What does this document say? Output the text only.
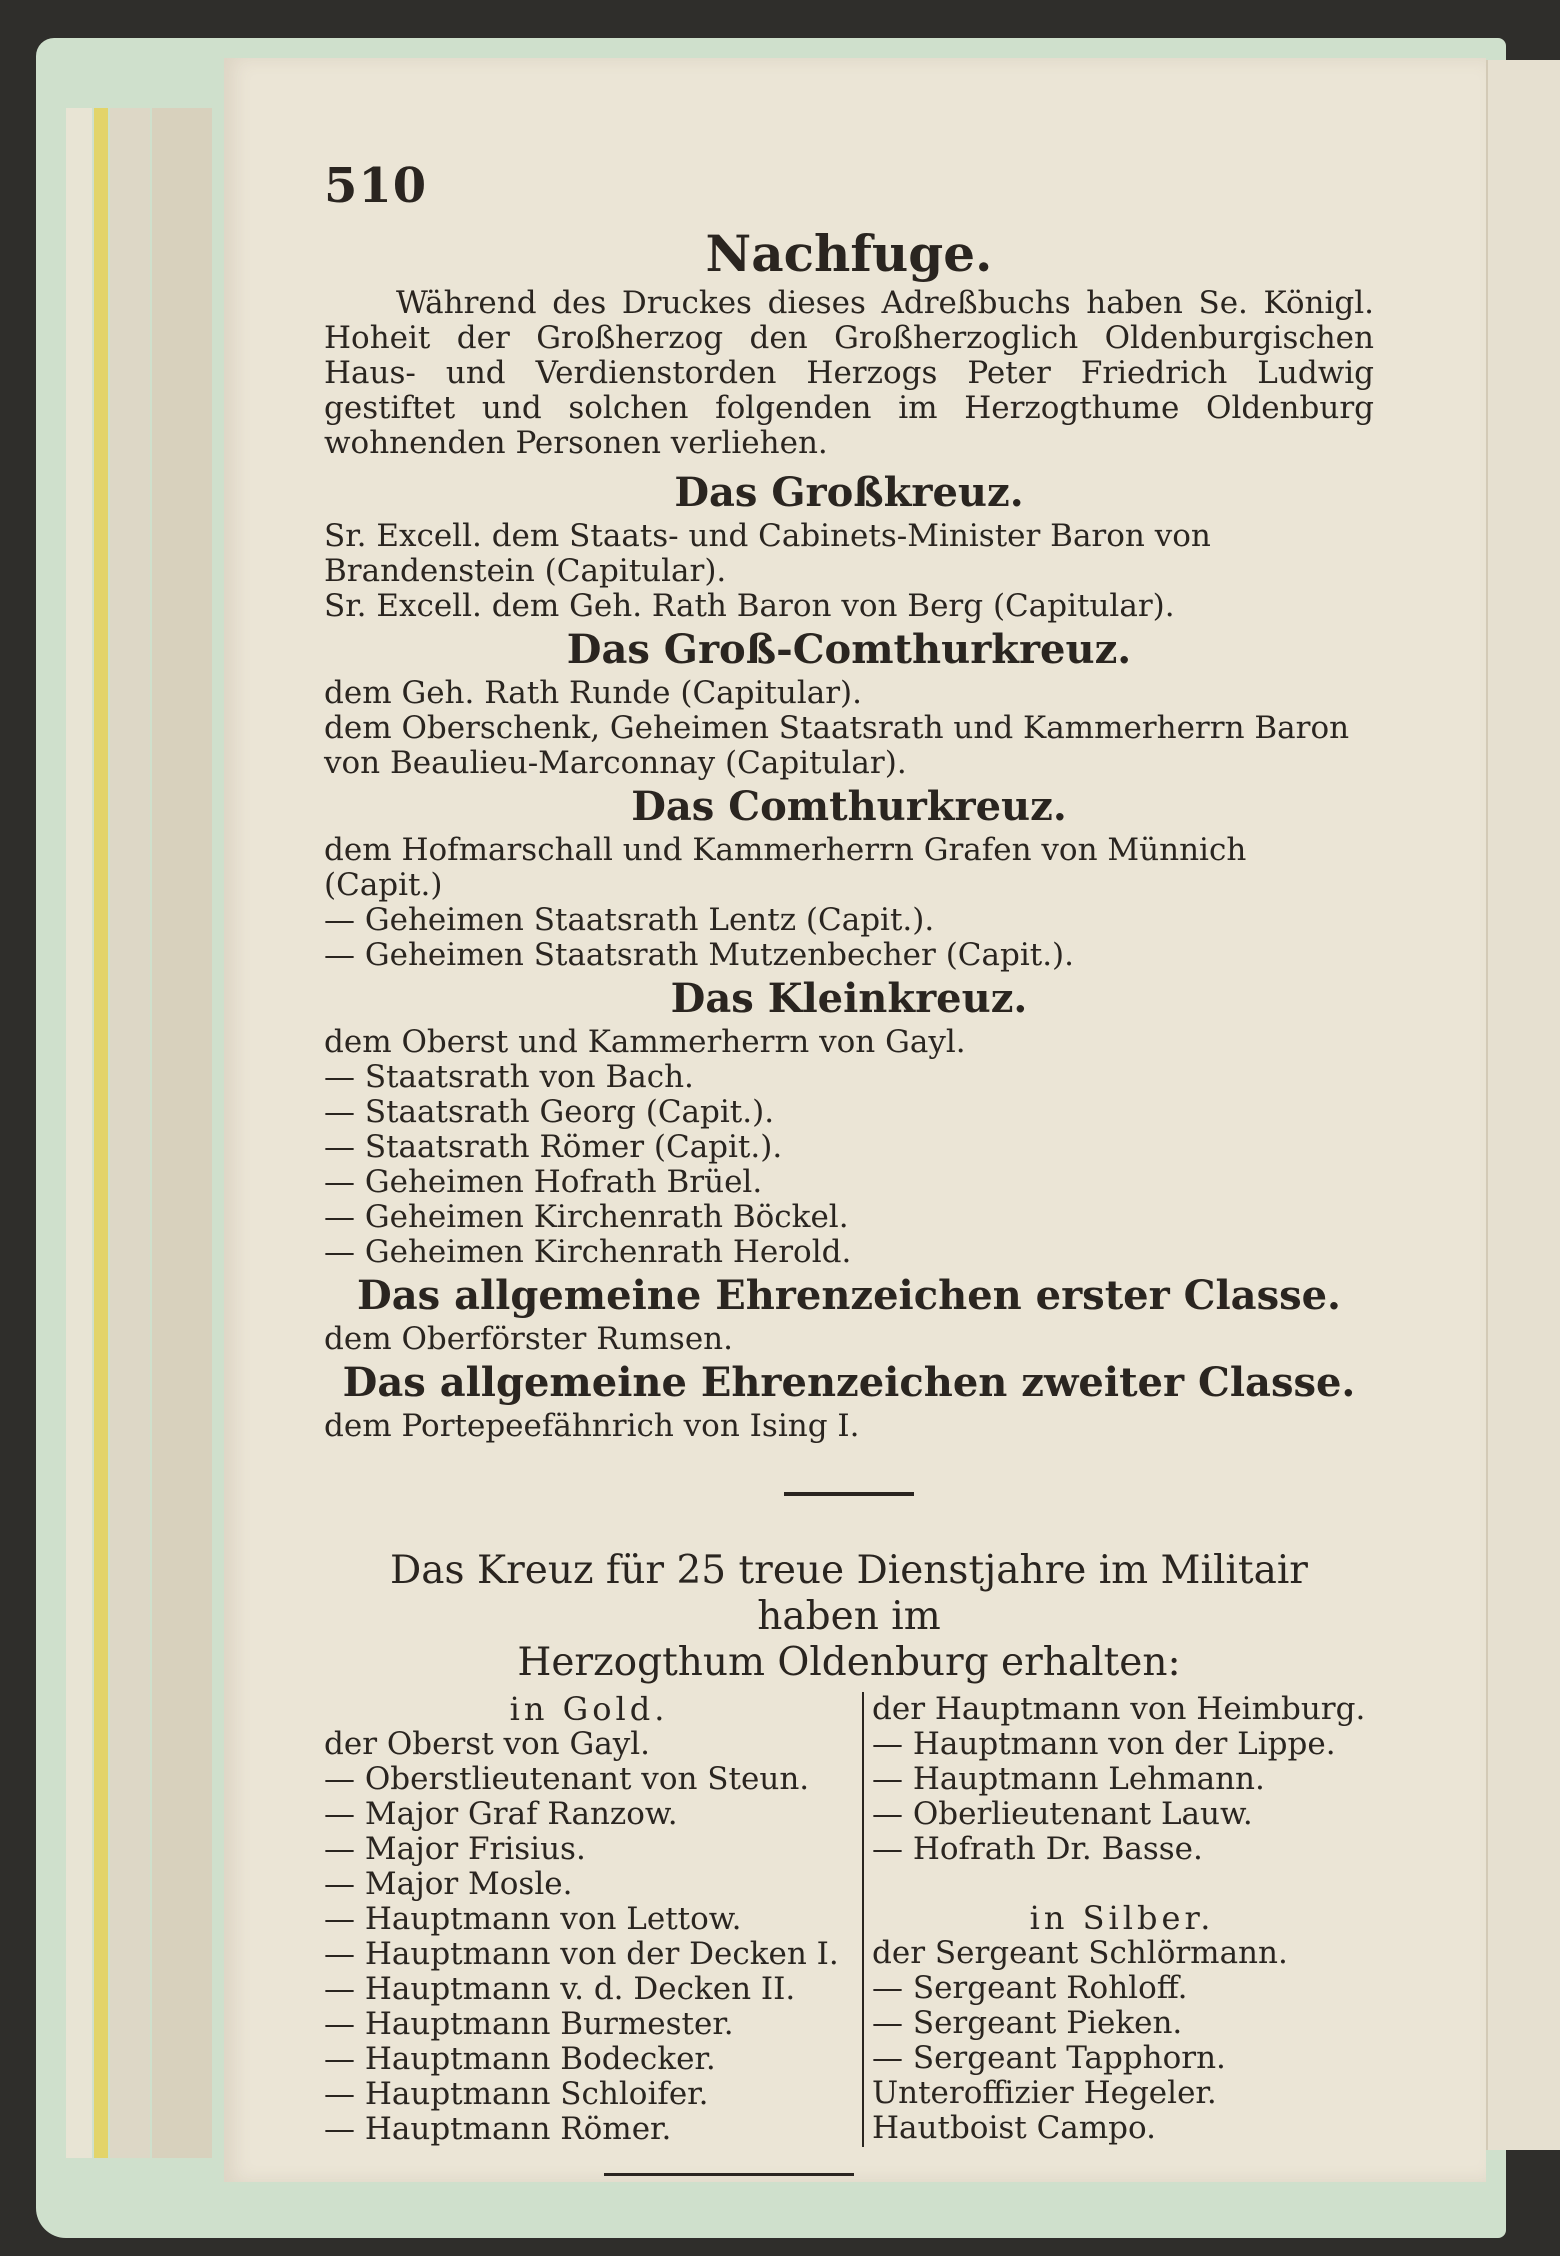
510
Nachfuge.
Während des Druckes dieses Adreßbuchs haben Se. Königl. Hoheit der Großherzog den Großherzoglich Oldenburgischen Haus- und Verdienstorden Herzogs Peter Friedrich Ludwig gestiftet und solchen folgenden im Herzogthume Oldenburg wohnenden Personen verliehen.
Das Großkreuz.
Sr. Excell. dem Staats- und Cabinets-Minister Baron von Brandenstein (Capitular).
Sr. Excell. dem Geh. Rath Baron von Berg (Capitular).
Das Groß-Comthurkreuz.
dem Geh. Rath Runde (Capitular).
dem Oberschenk, Geheimen Staatsrath und Kammerherrn Baron von Beaulieu-Marconnay (Capitular).
Das Comthurkreuz.
dem Hofmarschall und Kammerherrn Grafen von Münnich (Capit.)
— Geheimen Staatsrath Lentz (Capit.).
— Geheimen Staatsrath Mutzenbecher (Capit.).
Das Kleinkreuz.
dem Oberst und Kammerherrn von Gayl.
— Staatsrath von Bach.
— Staatsrath Georg (Capit.).
— Staatsrath Römer (Capit.).
— Geheimen Hofrath Brüel.
— Geheimen Kirchenrath Böckel.
— Geheimen Kirchenrath Herold.
Das allgemeine Ehrenzeichen erster Classe.
dem Oberförster Rumsen.
Das allgemeine Ehrenzeichen zweiter Classe.
dem Portepeefähnrich von Ising I.
Das Kreuz für 25 treue Dienstjahre im Militair haben im
Herzogthum Oldenburg erhalten:
in Gold.
der Oberst von Gayl.
— Oberstlieutenant von Steun.
— Major Graf Ranzow.
— Major Frisius.
— Major Mosle.
— Hauptmann von Lettow.
— Hauptmann von der Decken I.
— Hauptmann v. d. Decken II.
— Hauptmann Burmester.
— Hauptmann Bodecker.
— Hauptmann Schloifer.
— Hauptmann Römer.
der Hauptmann von Heimburg.
— Hauptmann von der Lippe.
— Hauptmann Lehmann.
— Oberlieutenant Lauw.
— Hofrath Dr. Basse.
in Silber.
der Sergeant Schlörmann.
— Sergeant Rohloff.
— Sergeant Pieken.
— Sergeant Tapphorn.
Unteroffizier Hegeler.
Hautboist Campo.
